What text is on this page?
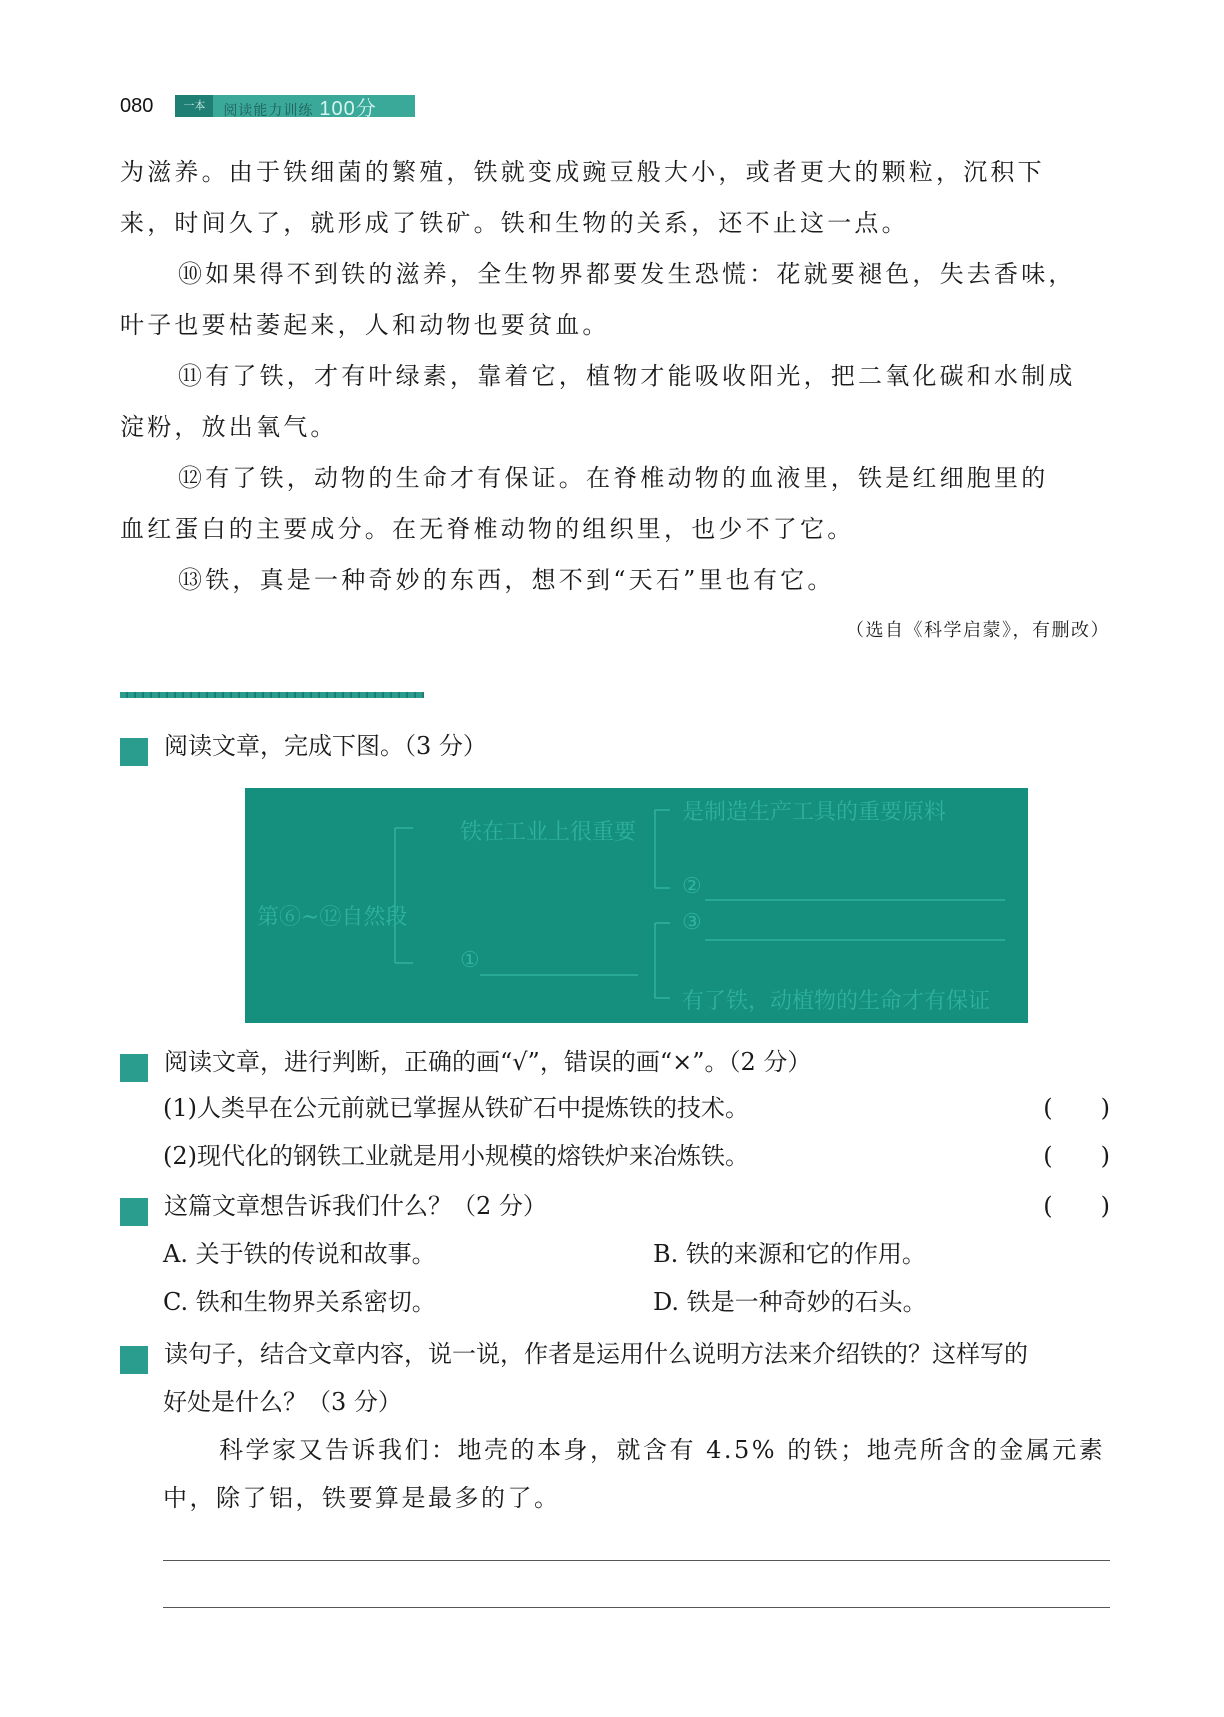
080	一本	阅读能力训练 100分
为滋养。由于铁细菌的繁殖，铁就变成豌豆般大小，或者更大的颗粒，沉积下
来，时间久了，就形成了铁矿。铁和生物的关系，还不止这一点。
⑩如果得不到铁的滋养，全生物界都要发生恐慌：花就要褪色，失去香味，
叶子也要枯萎起来，人和动物也要贫血。
⑪有了铁，才有叶绿素，靠着它，植物才能吸收阳光，把二氧化碳和水制成
淀粉，放出氧气。
⑫有了铁，动物的生命才有保证。在脊椎动物的血液里，铁是红细胞里的
血红蛋白的主要成分。在无脊椎动物的组织里，也少不了它。
⑬铁，真是一种奇妙的东西，想不到“天石”里也有它。
（选自《科学启蒙》，有删改）
1 阅读文章，完成下图。（3 分）
第⑥~⑫自然段
铁在工业上很重要
①
是制造生产工具的重要原料
②
③
有了铁，动植物的生命才有保证
2 阅读文章，进行判断，正确的画“√”，错误的画“×”。（2 分）
(1)人类早在公元前就已掌握从铁矿石中提炼铁的技术。	(　　)
(2)现代化的钢铁工业就是用小规模的熔铁炉来冶炼铁。	(　　)
3 这篇文章想告诉我们什么？（2 分）	(　　)
A. 关于铁的传说和故事。	B. 铁的来源和它的作用。
C. 铁和生物界关系密切。	D. 铁是一种奇妙的石头。
4 读句子，结合文章内容，说一说，作者是运用什么说明方法来介绍铁的？这样写的
好处是什么？（3 分）
科学家又告诉我们：地壳的本身，就含有 4.5% 的铁；地壳所含的金属元素
中，除了铝，铁要算是最多的了。
